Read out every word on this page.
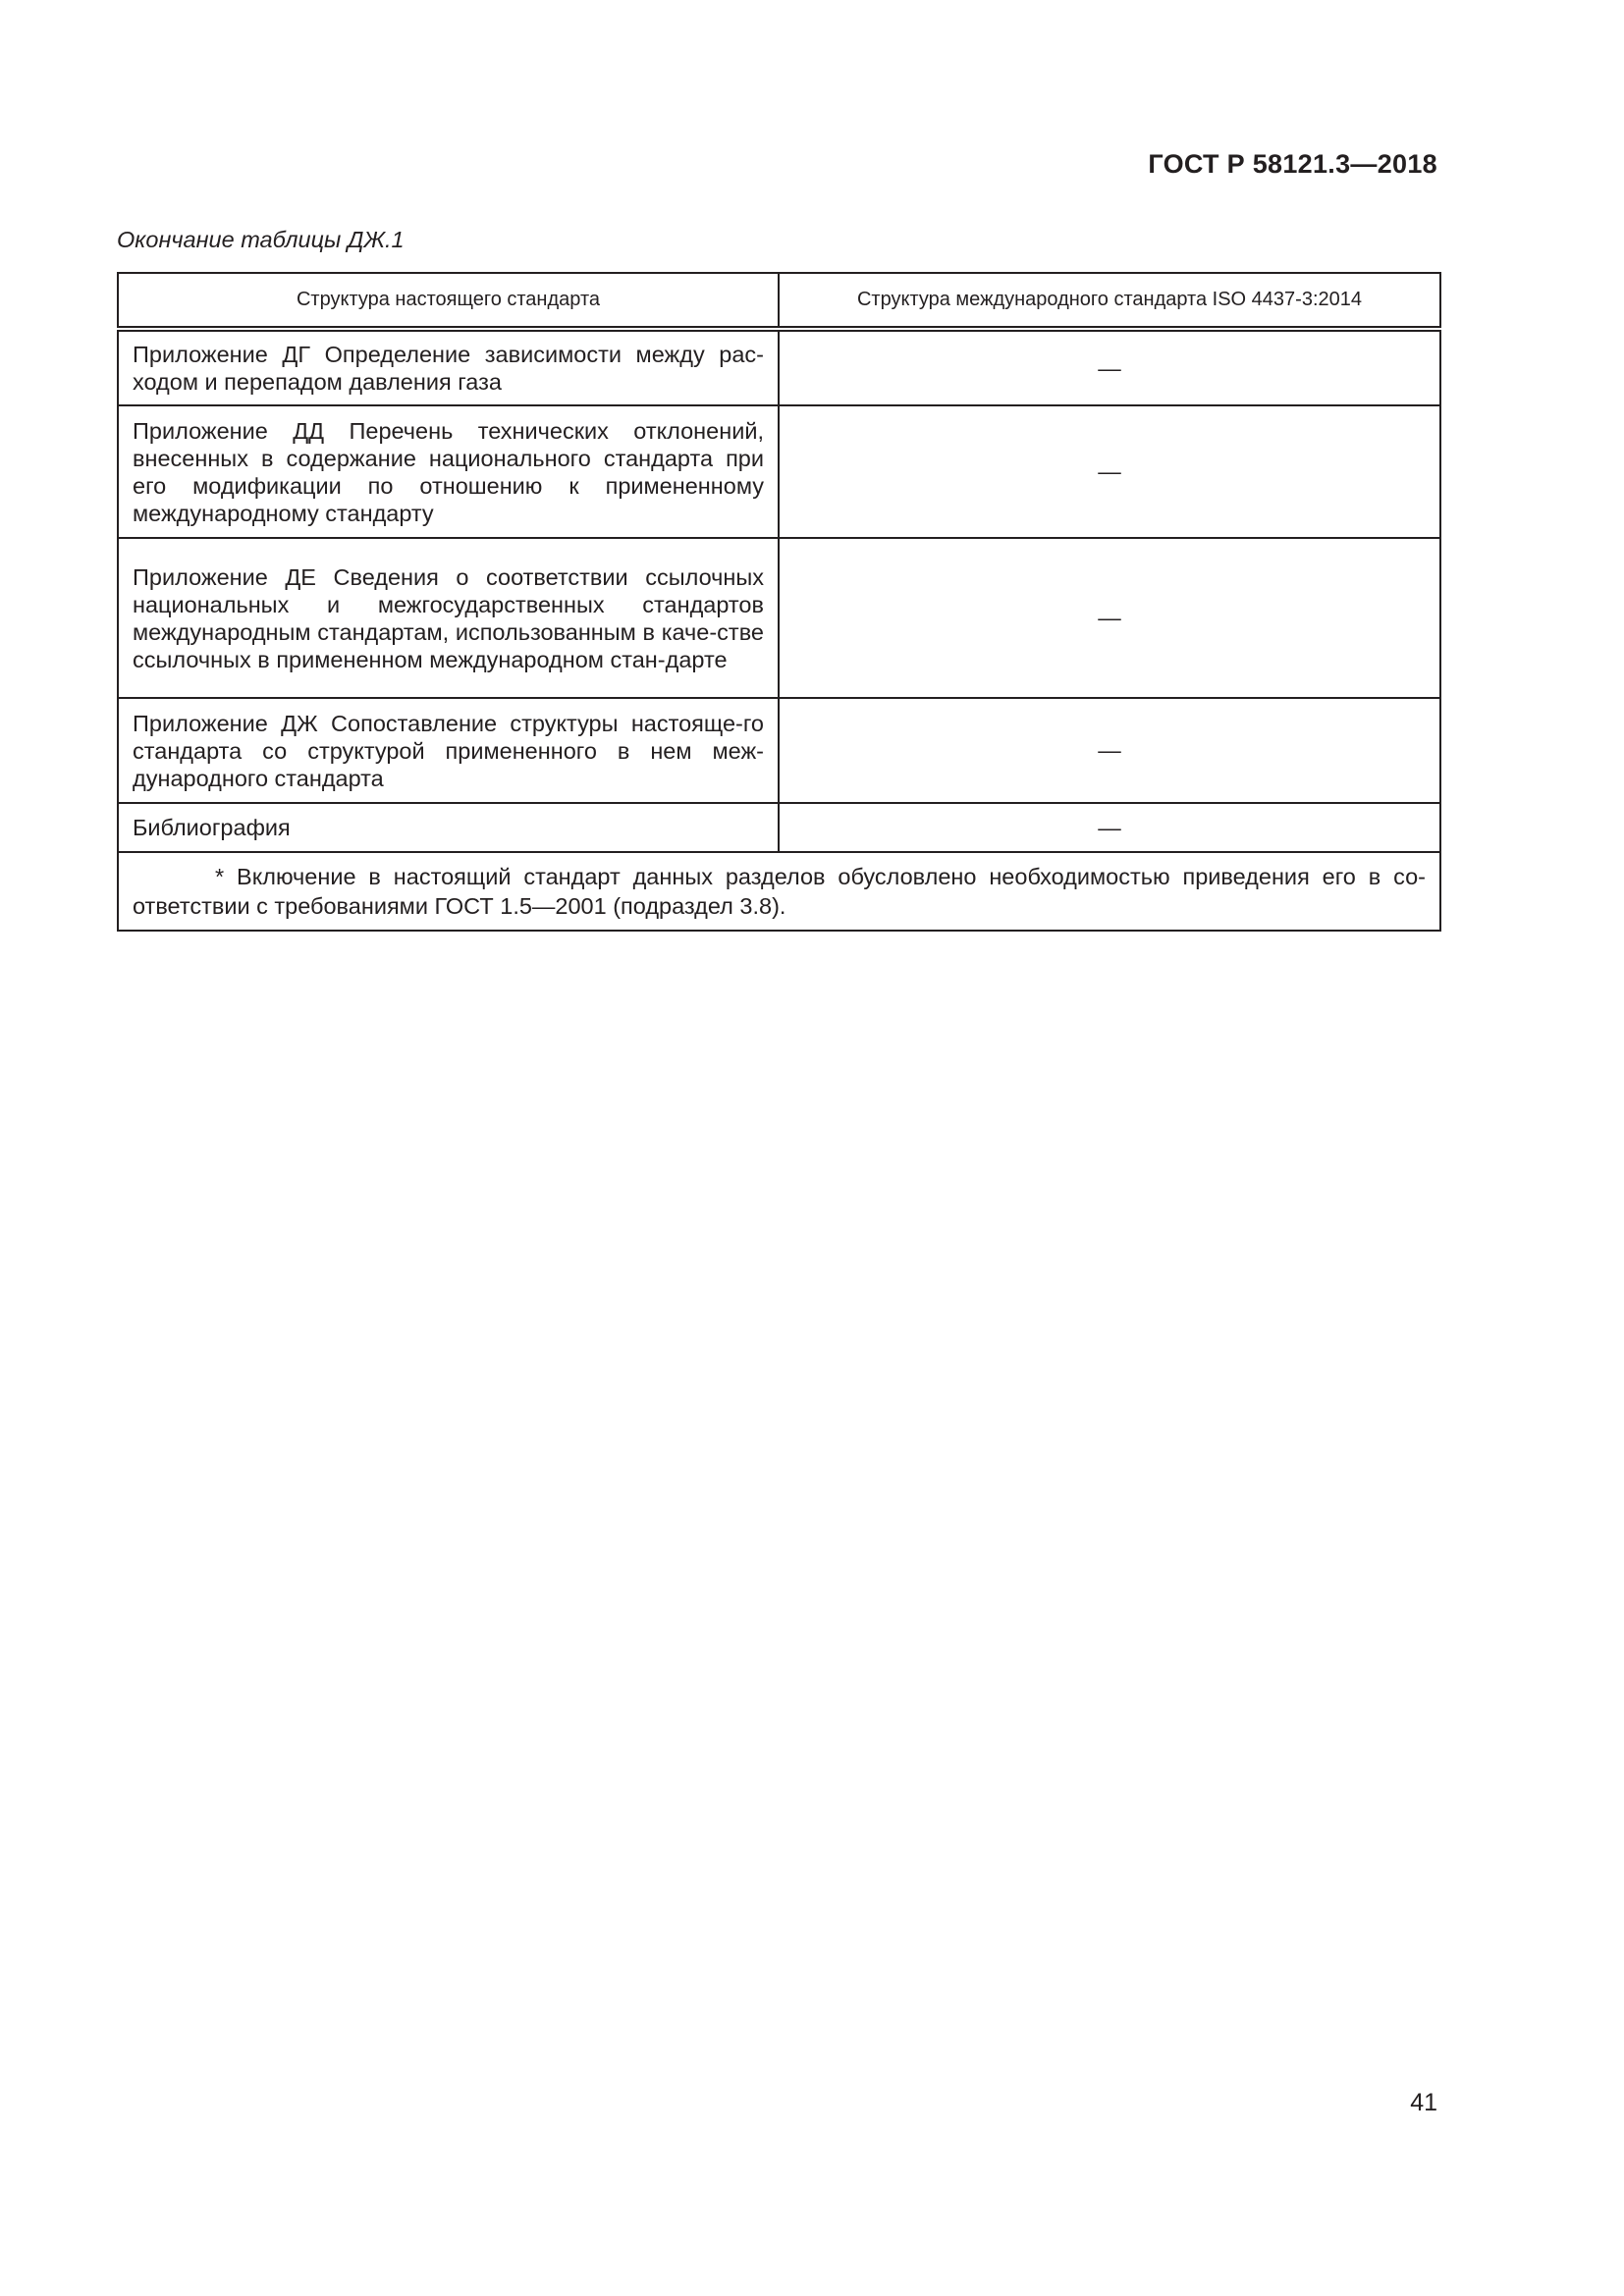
ГОСТ Р 58121.3—2018
Окончание таблицы ДЖ.1
Структура настоящего стандарта	Структура международного стандарта ISO 4437-3:2014
Приложение ДГ Определение зависимости между рас-ходом и перепадом давления газа	—
Приложение ДД Перечень технических отклонений, внесенных в содержание национального стандарта при его модификации по отношению к примененному международному стандарту	—
Приложение ДЕ Сведения о соответствии ссылочных национальных и межгосударственных стандартов международным стандартам, использованным в каче-стве ссылочных в примененном международном стан-дарте	—
Приложение ДЖ Сопоставление структуры настояще-го стандарта со структурой примененного в нем меж-дународного стандарта	—
Библиография	—
* Включение в настоящий стандарт данных разделов обусловлено необходимостью приведения его в со-ответствии с требованиями ГОСТ 1.5—2001 (подраздел 3.8).	
41
